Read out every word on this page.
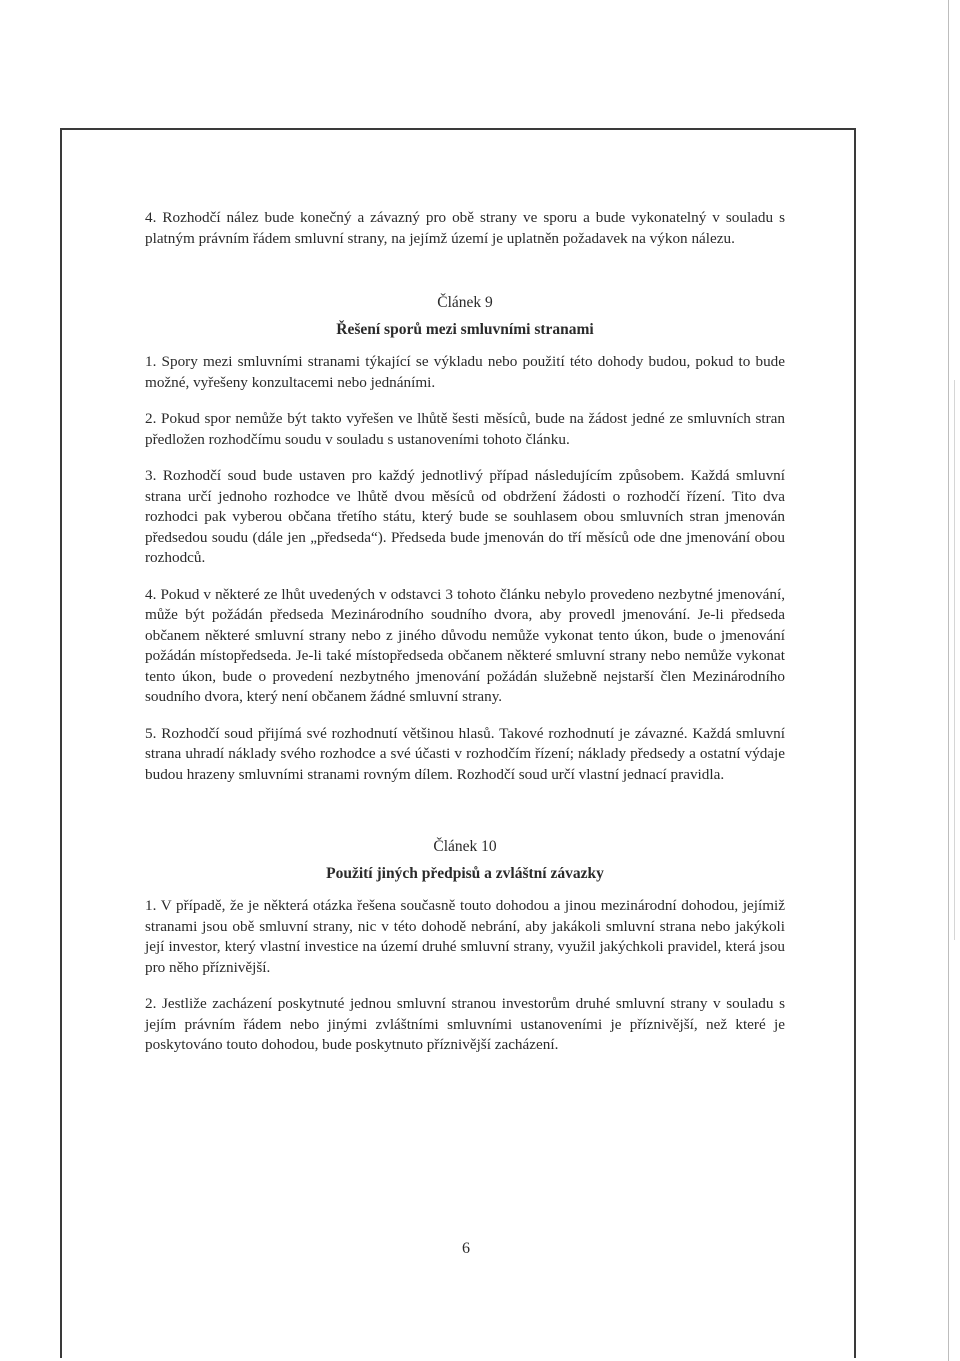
4. Rozhodčí nález bude konečný a závazný pro obě strany ve sporu a bude vykonatelný v souladu s platným právním řádem smluvní strany, na jejímž území je uplatněn požadavek na výkon nálezu.

Článek 9

Řešení sporů mezi smluvními stranami

1. Spory mezi smluvními stranami týkající se výkladu nebo použití této dohody budou, pokud to bude možné, vyřešeny konzultacemi nebo jednáními.

2. Pokud spor nemůže být takto vyřešen ve lhůtě šesti měsíců, bude na žádost jedné ze smluvních stran předložen rozhodčímu soudu v souladu s ustanoveními tohoto článku.

3. Rozhodčí soud bude ustaven pro každý jednotlivý případ následujícím způsobem. Každá smluvní strana určí jednoho rozhodce ve lhůtě dvou měsíců od obdržení žádosti o rozhodčí řízení. Tito dva rozhodci pak vyberou občana třetího státu, který bude se souhlasem obou smluvních stran jmenován předsedou soudu (dále jen „předseda“). Předseda bude jmenován do tří měsíců ode dne jmenování obou rozhodců.

4. Pokud v některé ze lhůt uvedených v odstavci 3 tohoto článku nebylo provedeno nezbytné jmenování, může být požádán předseda Mezinárodního soudního dvora, aby provedl jmenování. Je-li předseda občanem některé smluvní strany nebo z jiného důvodu nemůže vykonat tento úkon, bude o jmenování požádán místopředseda. Je-li také místopředseda občanem některé smluvní strany nebo nemůže vykonat tento úkon, bude o provedení nezbytného jmenování požádán služebně nejstarší člen Mezinárodního soudního dvora, který není občanem žádné smluvní strany.

5. Rozhodčí soud přijímá své rozhodnutí většinou hlasů. Takové rozhodnutí je závazné. Každá smluvní strana uhradí náklady svého rozhodce a své účasti v rozhodčím řízení; náklady předsedy a ostatní výdaje budou hrazeny smluvními stranami rovným dílem. Rozhodčí soud určí vlastní jednací pravidla.

Článek 10

Použití jiných předpisů a zvláštní závazky

1. V případě, že je některá otázka řešena současně touto dohodou a jinou mezinárodní dohodou, jejímiž stranami jsou obě smluvní strany, nic v této dohodě nebrání, aby jakákoli smluvní strana nebo jakýkoli její investor, který vlastní investice na území druhé smluvní strany, využil jakýchkoli pravidel, která jsou pro něho příznivější.

2. Jestliže zacházení poskytnuté jednou smluvní stranou investorům druhé smluvní strany v souladu s jejím právním řádem nebo jinými zvláštními smluvními ustanoveními je příznivější, než které je poskytováno touto dohodou, bude poskytnuto příznivější zacházení.

6
